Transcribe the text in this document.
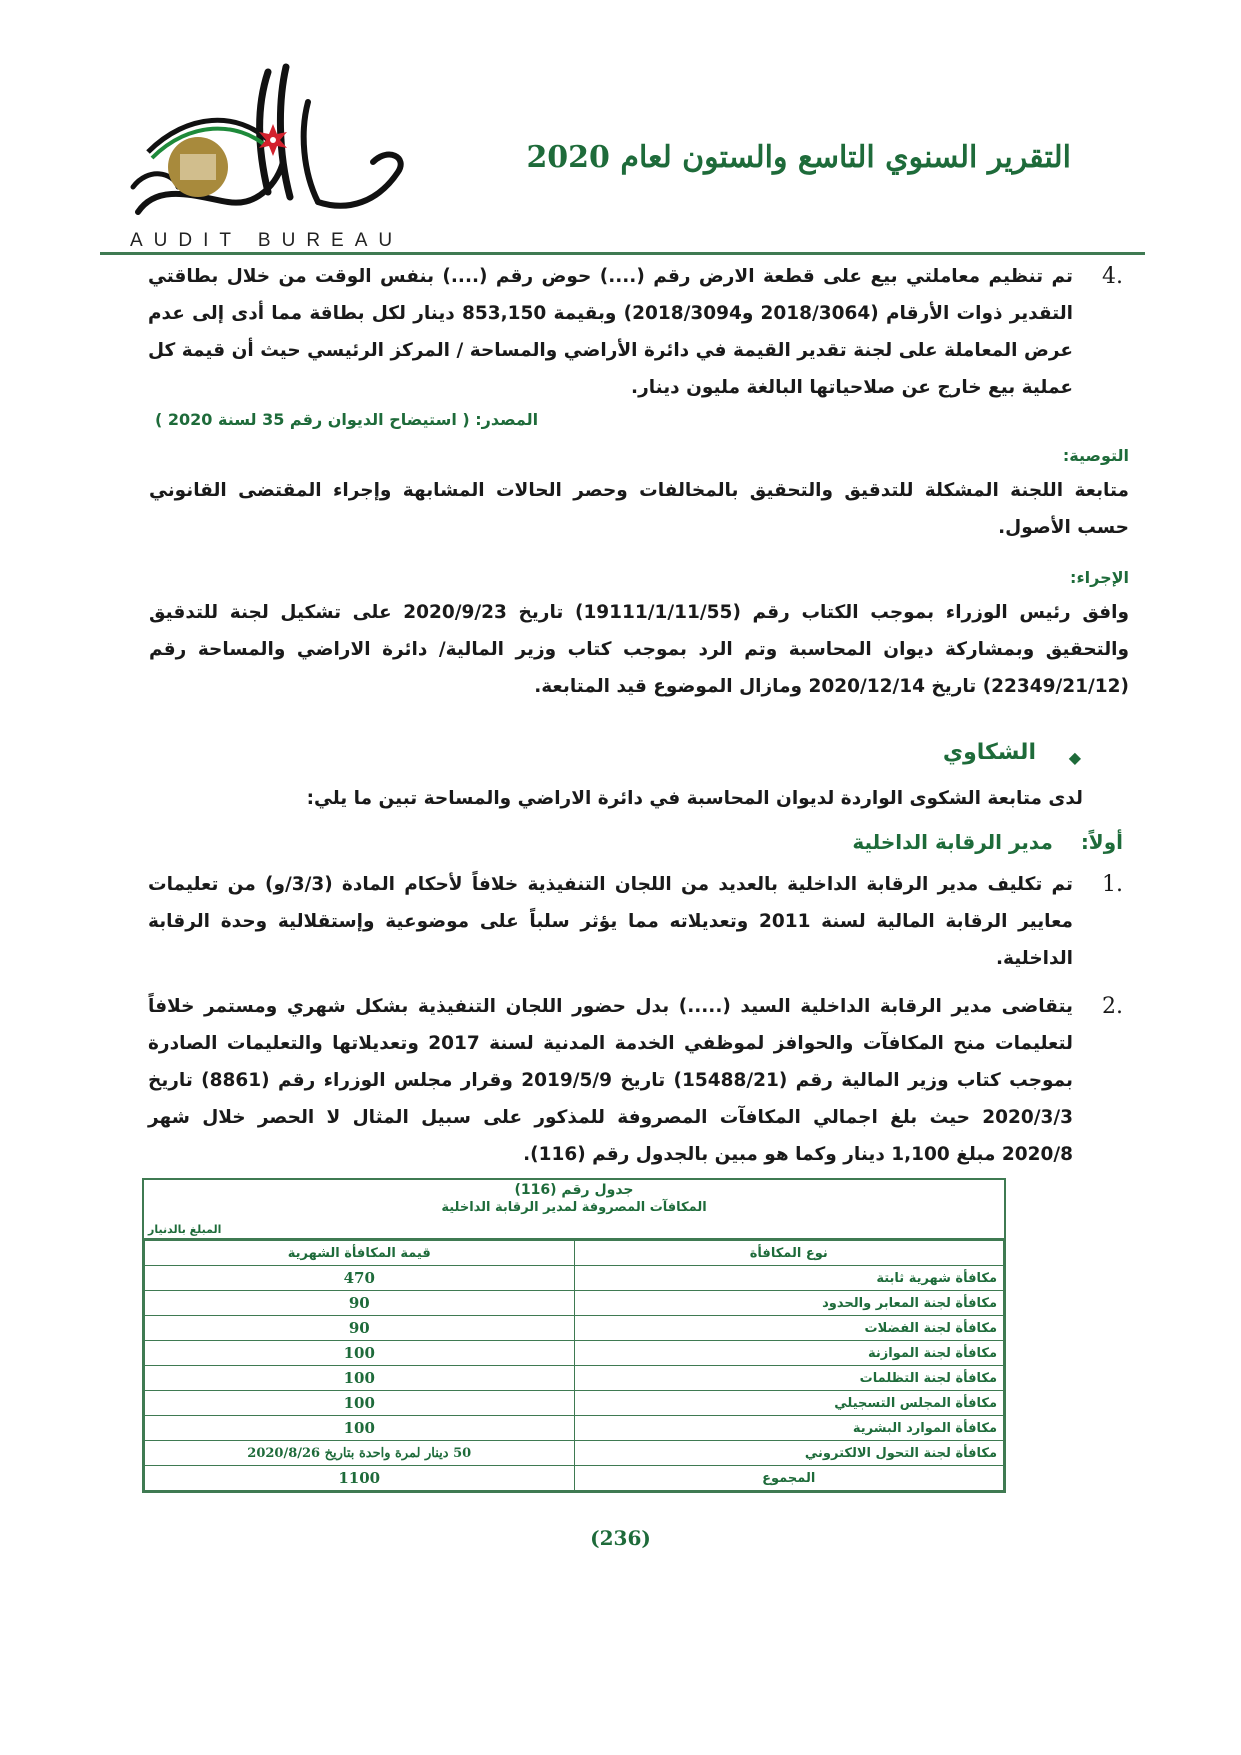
AUDIT BUREAU
التقرير السنوي التاسع والستون لعام 2020
4.
تم تنظيم معاملتي بيع على قطعة الارض رقم (....) حوض رقم (....) بنفس الوقت من خلال بطاقتي التقدير ذوات الأرقام (2018/3064 و2018/3094) وبقيمة 853,150 دينار لكل بطاقة مما أدى إلى عدم عرض المعاملة على لجنة تقدير القيمة في دائرة الأراضي والمساحة / المركز الرئيسي حيث أن قيمة كل عملية بيع خارج عن صلاحياتها البالغة مليون دينار.
المصدر: ( استيضاح الديوان رقم 35 لسنة 2020 )
التوصية:
متابعة اللجنة المشكلة للتدقيق والتحقيق بالمخالفات وحصر الحالات المشابهة وإجراء المقتضى القانوني حسب الأصول.
الإجراء:
وافق رئيس الوزراء بموجب الكتاب رقم (19111/1/11/55) تاريخ 2020/9/23 على تشكيل لجنة للتدقيق والتحقيق وبمشاركة ديوان المحاسبة وتم الرد بموجب كتاب وزير المالية/ دائرة الاراضي والمساحة رقم (22349/21/12) تاريخ 2020/12/14 ومازال الموضوع قيد المتابعة.
◆
الشكاوي
لدى متابعة الشكوى الواردة لديوان المحاسبة في دائرة الاراضي والمساحة تبين ما يلي:
أولاً:  مدير الرقابة الداخلية
1.
تم تكليف مدير الرقابة الداخلية بالعديد من اللجان التنفيذية خلافاً لأحكام المادة (3/3/و) من تعليمات معايير الرقابة المالية لسنة 2011 وتعديلاته مما يؤثر سلباً على موضوعية وإستقلالية وحدة الرقابة الداخلية.
2.
يتقاضى مدير الرقابة الداخلية السيد (.....) بدل حضور اللجان التنفيذية بشكل شهري ومستمر خلافاً لتعليمات منح المكافآت والحوافز لموظفي الخدمة المدنية لسنة 2017 وتعديلاتها والتعليمات الصادرة بموجب كتاب وزير المالية رقم (15488/21) تاريخ 2019/5/9 وقرار مجلس الوزراء رقم (8861) تاريخ 2020/3/3 حيث بلغ اجمالي المكافآت المصروفة للمذكور على سبيل المثال لا الحصر خلال شهر 2020/8 مبلغ 1,100 دينار وكما هو مبين بالجدول رقم (116).
جدول رقم (116)
المكافآت المصروفة لمدير الرقابة الداخلية
المبلغ بالدنيار
نوع المكافأة	قيمة المكافأة الشهرية
مكافأة شهرية ثابتة	470
مكافأة لجنة المعابر والحدود	90
مكافأة لجنة الفضلات	90
مكافأة لجنة الموازنة	100
مكافأة لجنة التظلمات	100
مكافأة المجلس التسجيلي	100
مكافأة الموارد البشرية	100
مكافأة لجنة التحول الالكتروني	50 دينار لمرة واحدة بتاريخ 2020/8/26
المجموع	1100
(236)
